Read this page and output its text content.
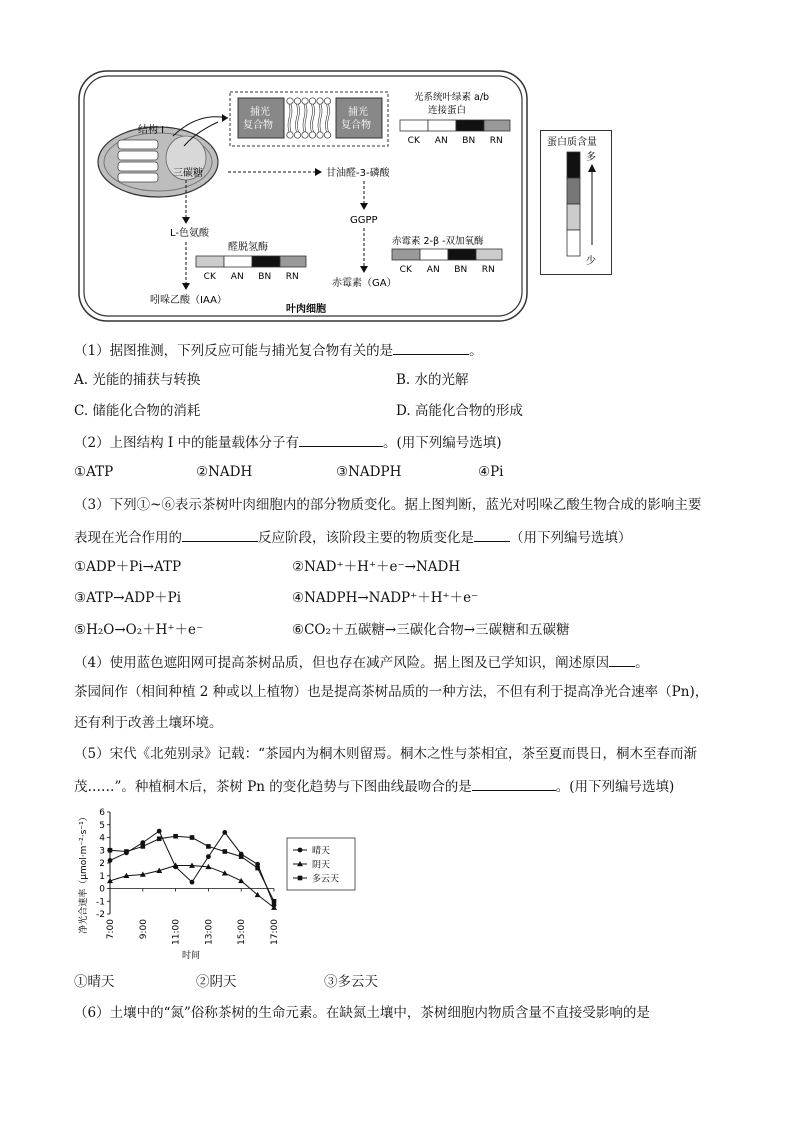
结构 I
三碳糖
捕光
复合物
捕光
复合物
光系统叶绿素 a/b
连接蛋白
CK AN BN RN
甘油醛-3-磷酸
GGPP
赤霉素（GA）
赤霉素 2-β -双加氧酶
CK AN BN RN
L-色氨酸
吲哚乙酸（IAA）
醛脱氢酶
CK AN BN RN
叶肉细胞
蛋白质含量
多
少
（1）据图推测，下列反应可能与捕光复合物有关的是	。
A. 光能的捕获与转换	B. 水的光解
C. 储能化合物的消耗	D. 高能化合物的形成
（2）上图结构 I 中的能量载体分子有	。(用下列编号选填)
①ATP	②NADH	③NADPH	④Pi
（3）下列①~⑥表示茶树叶肉细胞内的部分物质变化。据上图判断，蓝光对吲哚乙酸生物合成的影响主要
表现在光合作用的	反应阶段，该阶段主要的物质变化是	（用下列编号选填）
①ADP＋Pi→ATP	②NAD⁺＋H⁺＋e⁻→NADH
③ATP→ADP＋Pi	④NADPH→NADP⁺＋H⁺＋e⁻
⑤H₂O→O₂＋H⁺＋e⁻	⑥CO₂＋五碳糖→三碳化合物→三碳糖和五碳糖
（4）使用蓝色遮阳网可提高茶树品质，但也存在减产风险。据上图及已学知识，阐述原因 。
茶园间作（相间种植 2 种或以上植物）也是提高茶树品质的一种方法，不但有利于提高净光合速率（Pn)，
还有利于改善土壤环境。
（5）宋代《北苑别录》记载：“茶园内为桐木则留焉。桐木之性与茶相宜，茶至夏而畏日，桐木至春而渐
茂……”。种植桐木后，茶树 Pn 的变化趋势与下图曲线最吻合的是	。(用下列编号选填)
-2
-1
0
1
2
3
4
5
6
7:00	9:00	11:00	13:00	15:00	17:00
时间
净光合速率（μmol·m⁻²·s⁻¹）	晴天
阴天
多云天
①晴天	②阴天	③多云天
（6）土壤中的“氮”俗称茶树的生命元素。在缺氮土壤中，茶树细胞内物质含量不直接受影响的是
